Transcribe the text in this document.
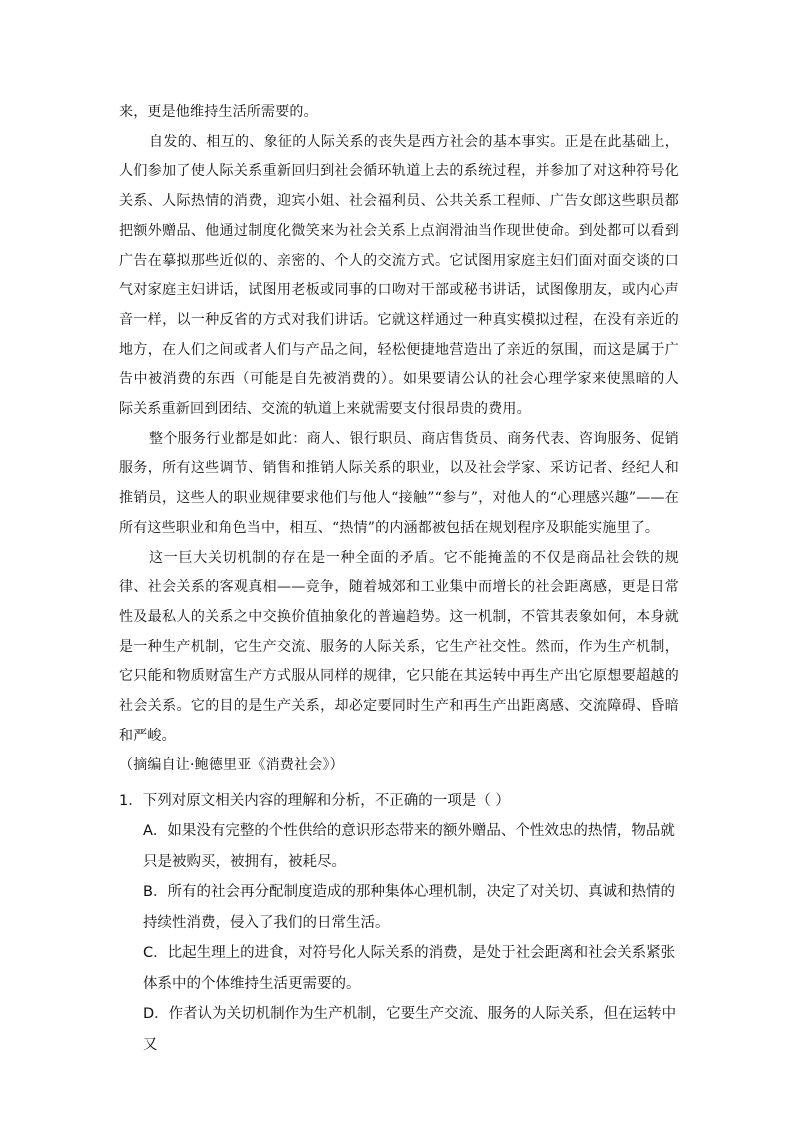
来，更是他维持生活所需要的。

自发的、相互的、象征的人际关系的丧失是西方社会的基本事实。正是在此基础上，人们参加了使人际关系重新回归到社会循环轨道上去的系统过程，并参加了对这种符号化关系、人际热情的消费，迎宾小姐、社会福利员、公共关系工程师、广告女郎这些职员都把额外赠品、他通过制度化微笑来为社会关系上点润滑油当作现世使命。到处都可以看到广告在摹拟那些近似的、亲密的、个人的交流方式。它试图用家庭主妇们面对面交谈的口气对家庭主妇讲话，试图用老板或同事的口吻对干部或秘书讲话，试图像朋友，或内心声音一样，以一种反省的方式对我们讲话。它就这样通过一种真实模拟过程，在没有亲近的地方，在人们之间或者人们与产品之间，轻松便捷地营造出了亲近的氛围，而这是属于广告中被消费的东西（可能是自先被消费的）。如果要请公认的社会心理学家来使黑暗的人际关系重新回到团结、交流的轨道上来就需要支付很昂贵的费用。

整个服务行业都是如此：商人、银行职员、商店售货员、商务代表、咨询服务、促销服务，所有这些调节、销售和推销人际关系的职业，以及社会学家、采访记者、经纪人和推销员，这些人的职业规律要求他们与他人“接触”“参与”，对他人的“心理感兴趣”——在所有这些职业和角色当中，相互、“热情”的内涵都被包括在规划程序及职能实施里了。

这一巨大关切机制的存在是一种全面的矛盾。它不能掩盖的不仅是商品社会铁的规律、社会关系的客观真相——竞争，随着城郊和工业集中而增长的社会距离感，更是日常性及最私人的关系之中交换价值抽象化的普遍趋势。这一机制，不管其表象如何，本身就是一种生产机制，它生产交流、服务的人际关系，它生产社交性。然而，作为生产机制，它只能和物质财富生产方式服从同样的规律，它只能在其运转中再生产出它原想要超越的社会关系。它的目的是生产关系，却必定要同时生产和再生产出距离感、交流障碍、昏暗和严峻。

（摘编自让·鲍德里亚《消费社会》）

1．下列对原文相关内容的理解和分析，不正确的一项是（ ）

A．如果没有完整的个性供给的意识形态带来的额外赠品、个性效忠的热情，物品就只是被购买，被拥有，被耗尽。

B．所有的社会再分配制度造成的那种集体心理机制，决定了对关切、真诚和热情的持续性消费，侵入了我们的日常生活。

C．比起生理上的进食，对符号化人际关系的消费，是处于社会距离和社会关系紧张体系中的个体维持生活更需要的。

D．作者认为关切机制作为生产机制，它要生产交流、服务的人际关系，但在运转中又
